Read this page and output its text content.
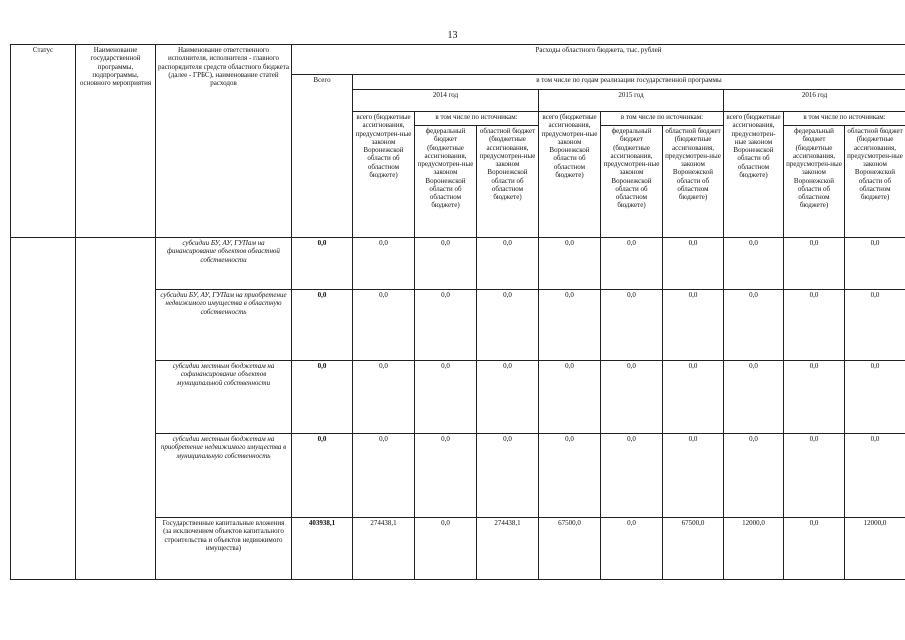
13
Статус	Наименование государственной программы, подпрограммы, основного мероприятия	Наименование ответственного исполнителя, исполнителя - главного распорядителя средств областного бюджета (далее - ГРБС), наименование статей расходов	Расходы областного бюджета, тыс. рублей									
			Всего	в том числе по годам реализации государственной программы								
				2014 год			2015 год			2016 год		
				всего (бюджетные ассигнования, предусмотрен-ные законом Воронежской области об областном бюджете)	в том числе по источникам:		всего (бюджетные ассигнования, предусмотрен-ные законом Воронежской области об областном бюджете)	в том числе по источникам:		всего (бюджетные ассигнования, предусмотрен-ные законом Воронежской области об областном бюджете)	в том числе по источникам:	
					федеральный бюджет (бюджетные ассигнования, предусмотрен-ные законом Воронежской области об областном бюджете)	областной бюджет (бюджетные ассигнования, предусмотрен-ные законом Воронежской области об областном бюджете)		федеральный бюджет (бюджетные ассигнования, предусмотрен-ные законом Воронежской области об областном бюджете)	областной бюджет (бюджетные ассигнования, предусмотрен-ные законом Воронежской области об областном бюджете)		федеральный бюджет (бюджетные ассигнования, предусмотрен-ные законом Воронежской области об областном бюджете)	областной бюджет (бюджетные ассигнования, предусмотрен-ные законом Воронежской области об областном бюджете)
		субсидии БУ, АУ, ГУПам на финансирование объектов областной собственности	0,0	0,0	0,0	0,0	0,0	0,0	0,0	0,0	0,0	0,0
		субсидии БУ, АУ, ГУПам на приобретение недвижимого имущества в областную собственность	0,0	0,0	0,0	0,0	0,0	0,0	0,0	0,0	0,0	0,0
		субсидии местным бюджетам на софинансирование объектов муниципальной собственности	0,0	0,0	0,0	0,0	0,0	0,0	0,0	0,0	0,0	0,0
		субсидии местным бюджетам на приобретение недвижимого имущества в муниципальную собственность	0,0	0,0	0,0	0,0	0,0	0,0	0,0	0,0	0,0	0,0
		Государственные капитальные вложения (за исключением объектов капитального строительства и объектов недвижимого имущества)	403938,1	274438,1	0,0	274438,1	67500,0	0,0	67500,0	12000,0	0,0	12000,0
